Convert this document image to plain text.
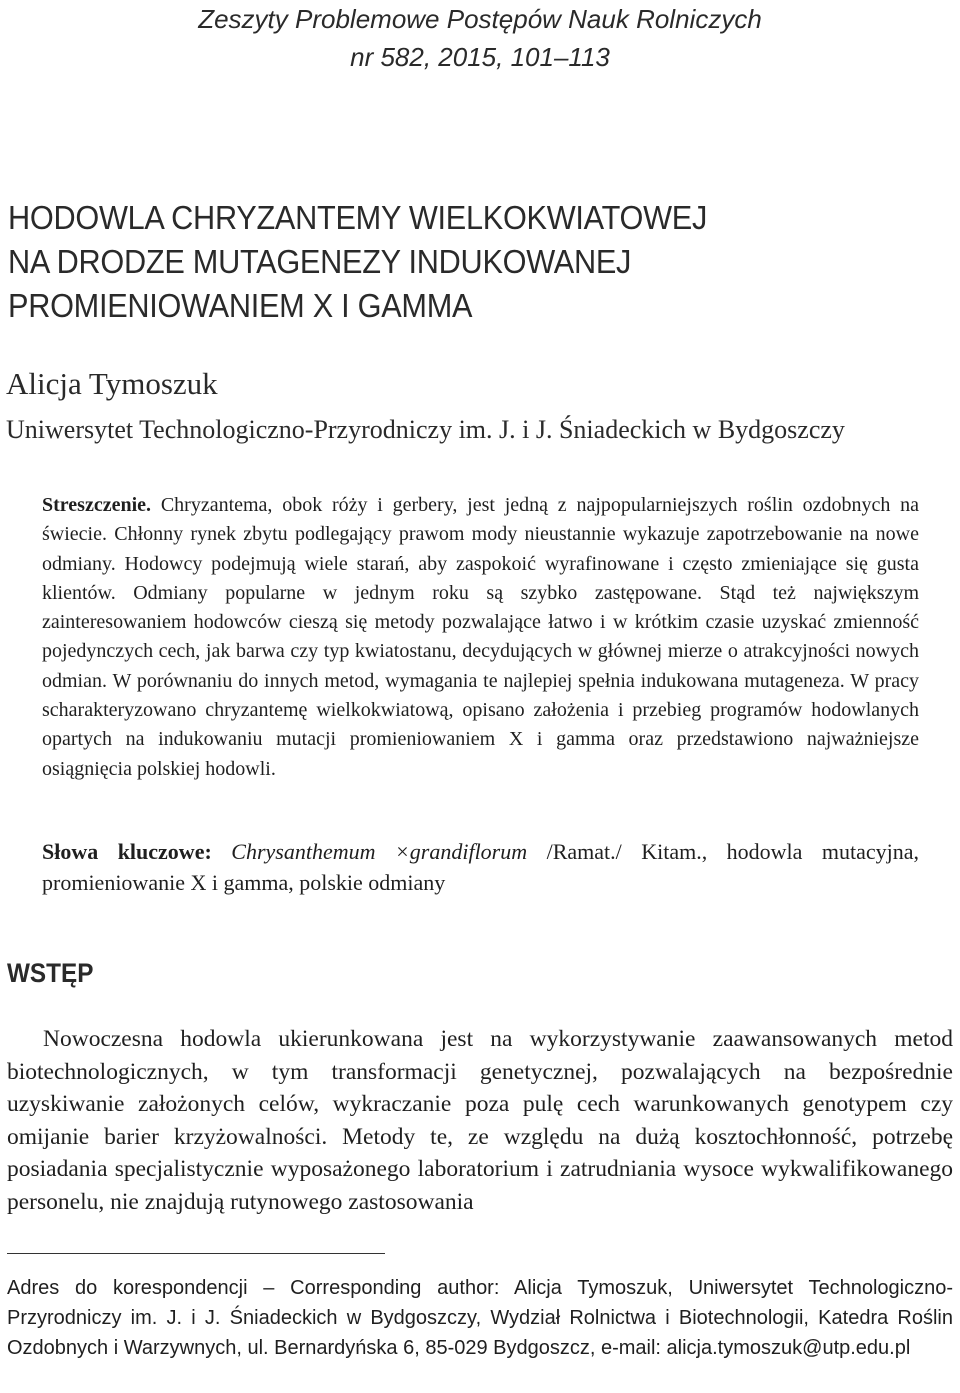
Zeszyty Problemowe Postępów Nauk Rolniczych
nr 582, 2015, 101–113
HODOWLA CHRYZANTEMY WIELKOKWIATOWEJ
NA DRODZE MUTAGENEZY INDUKOWANEJ
PROMIENIOWANIEM X I GAMMA
Alicja Tymoszuk
Uniwersytet Technologiczno-Przyrodniczy im. J. i J. Śniadeckich w Bydgoszczy
Streszczenie. Chryzantema, obok róży i gerbery, jest jedną z najpopularniejszych roślin ozdobnych na świecie. Chłonny rynek zbytu podlegający prawom mody nieustannie wykazuje zapotrzebowanie na nowe odmiany. Hodowcy podejmują wiele starań, aby zaspokoić wyrafinowane i często zmieniające się gusta klientów. Odmiany popularne w jednym roku są szybko zastępowane. Stąd też największym zainteresowaniem hodowców cieszą się metody pozwalające łatwo i w krótkim czasie uzyskać zmienność pojedynczych cech, jak barwa czy typ kwiatostanu, decydujących w głównej mierze o atrakcyjności nowych odmian. W porównaniu do innych metod, wymagania te najlepiej spełnia indukowana mutageneza. W pracy scharakteryzowano chryzantemę wielkokwiatową, opisano założenia i przebieg programów hodowlanych opartych na indukowaniu mutacji promieniowaniem X i gamma oraz przedstawiono najważniejsze osiągnięcia polskiej hodowli.
Słowa kluczowe: Chrysanthemum ×grandiflorum /Ramat./ Kitam., hodowla mutacyjna, promieniowanie X i gamma, polskie odmiany
WSTĘP
Nowoczesna hodowla ukierunkowana jest na wykorzystywanie zaawansowanych metod biotechnologicznych, w tym transformacji genetycznej, pozwalających na bezpośrednie uzyskiwanie założonych celów, wykraczanie poza pulę cech warunkowanych genotypem czy omijanie barier krzyżowalności. Metody te, ze względu na dużą kosztochłonność, potrzebę posiadania specjalistycznie wyposażonego laboratorium i zatrudniania wysoce wykwalifikowanego personelu, nie znajdują rutynowego zastosowania
Adres do korespondencji – Corresponding author: Alicja Tymoszuk, Uniwersytet Technologiczno-Przyrodniczy im. J. i J. Śniadeckich w Bydgoszczy, Wydział Rolnictwa i Biotechnologii, Katedra Roślin Ozdobnych i Warzywnych, ul. Bernardyńska 6, 85-029 Bydgoszcz, e-mail: alicja.tymoszuk@utp.edu.pl
